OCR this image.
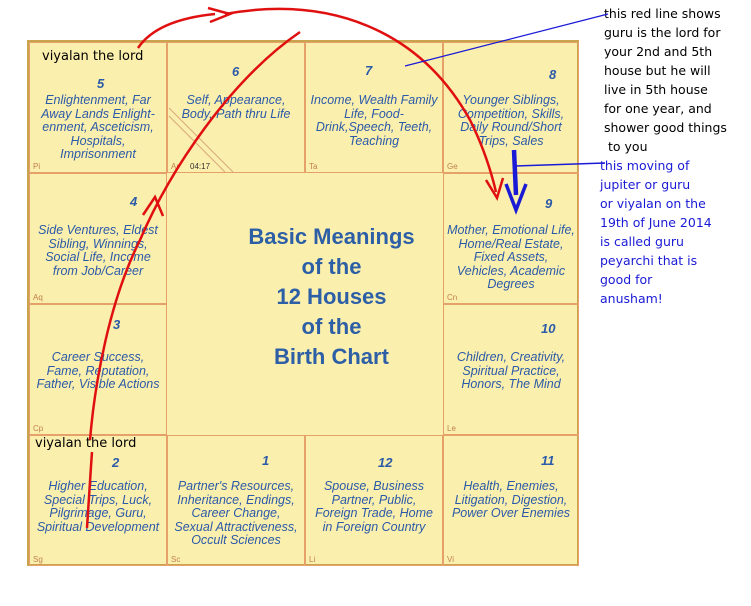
5
Enlightenment, Far Away Lands Enlight-enment, Asceticism, Hospitals, Imprisonment
Pi
6
Self, Appearance, Body, Path thru Life
04:17
Ar
7
Income, Wealth Family Life, Food-Drink,Speech, Teeth, Teaching
Ta
8
Younger Siblings, Competition, Skills, Daily Round/Short Trips, Sales
Ge
4
Side Ventures, Eldest Sibling, Winnings, Social Life, Income from Job/Career
Aq
9
Mother, Emotional Life, Home/Real Estate, Fixed Assets, Vehicles, Academic Degrees
Cn
3
Career Success, Fame, Reputation, Father, Visible Actions
Cp
10
Children, Creativity, Spiritual Practice, Honors, The Mind
Le
2
Higher Education, Special Trips, Luck, Pilgrimage, Guru, Spiritual Development
Sg
1
Partner's Resources, Inheritance, Endings, Career Change, Sexual Attractiveness, Occult Sciences
Sc
12
Spouse, Business Partner, Public, Foreign Trade, Home in Foreign Country
Li
11
Health, Enemies, Litigation, Digestion, Power Over Enemies
Vi
Basic Meanings
of the
12 Houses
of the
Birth Chart
viyalan the lord
viyalan the lord
this red line shows
guru is the lord for
your 2nd and 5th
house but he will
live in 5th house
for one year, and
shower good things
to you
this moving of
jupiter or guru
or viyalan on the
19th of June 2014
is called guru
peyarchi that is
good for
anusham!
